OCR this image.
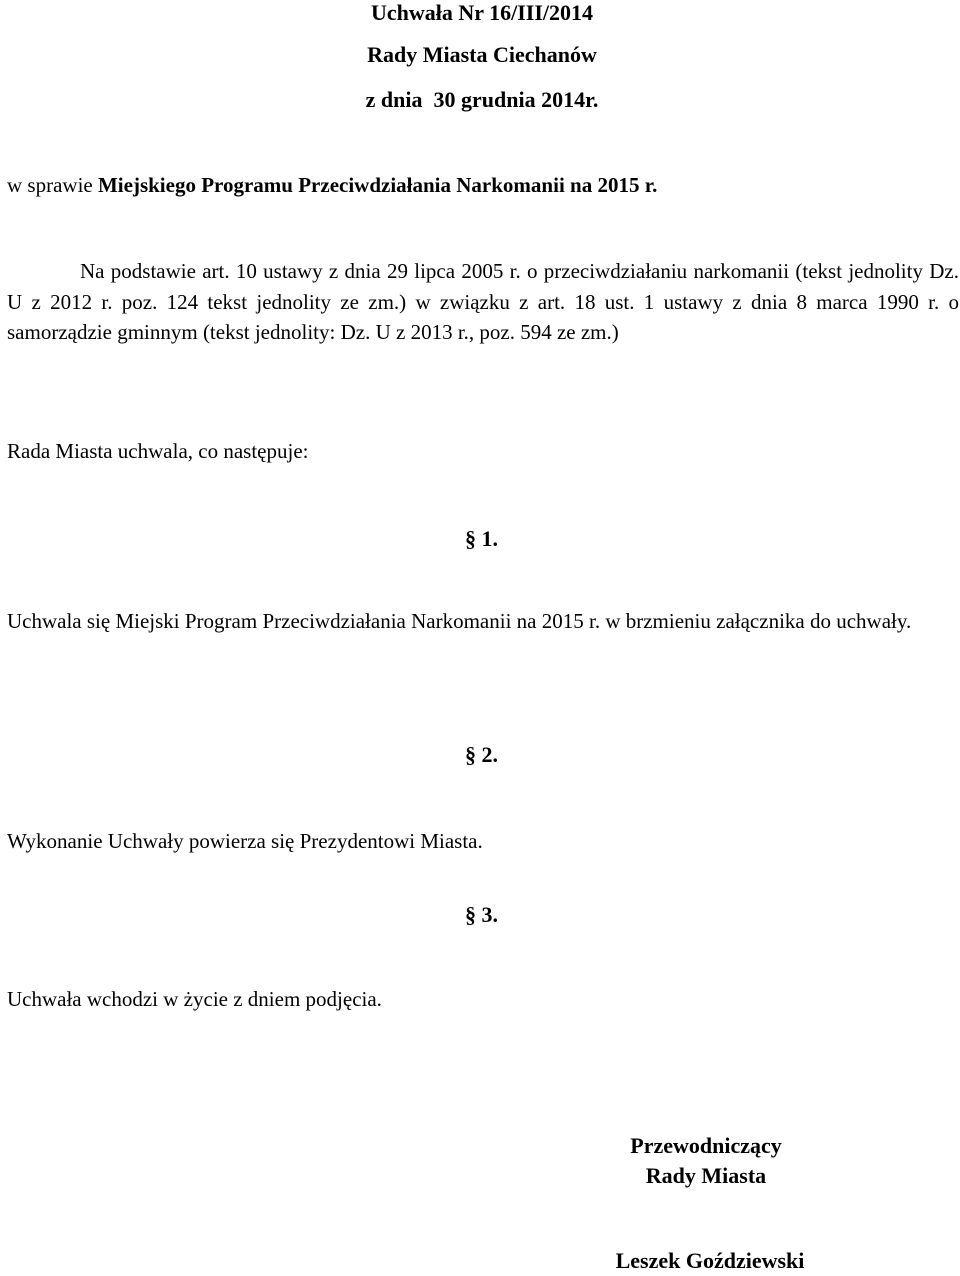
Uchwała Nr 16/III/2014
Rady Miasta Ciechanów
z dnia  30 grudnia 2014r.
w sprawie Miejskiego Programu Przeciwdziałania Narkomanii na 2015 r.

Na podstawie art. 10 ustawy z dnia 29 lipca 2005 r. o przeciwdziałaniu narkomanii (tekst jednolity Dz. U z 2012 r. poz. 124 tekst jednolity ze zm.) w związku z art. 18 ust. 1 ustawy z dnia 8 marca 1990 r. o samorządzie gminnym (tekst jednolity: Dz. U z 2013 r., poz. 594 ze zm.)

Rada Miasta uchwala, co następuje:
§ 1.

Uchwala się Miejski Program Przeciwdziałania Narkomanii na 2015 r. w brzmieniu załącznika do uchwały.

§ 2.
Wykonanie Uchwały powierza się Prezydentowi Miasta.
§ 3.
Uchwała wchodzi w życie z dniem podjęcia.
Przewodniczący
Rady Miasta
Leszek Goździewski
